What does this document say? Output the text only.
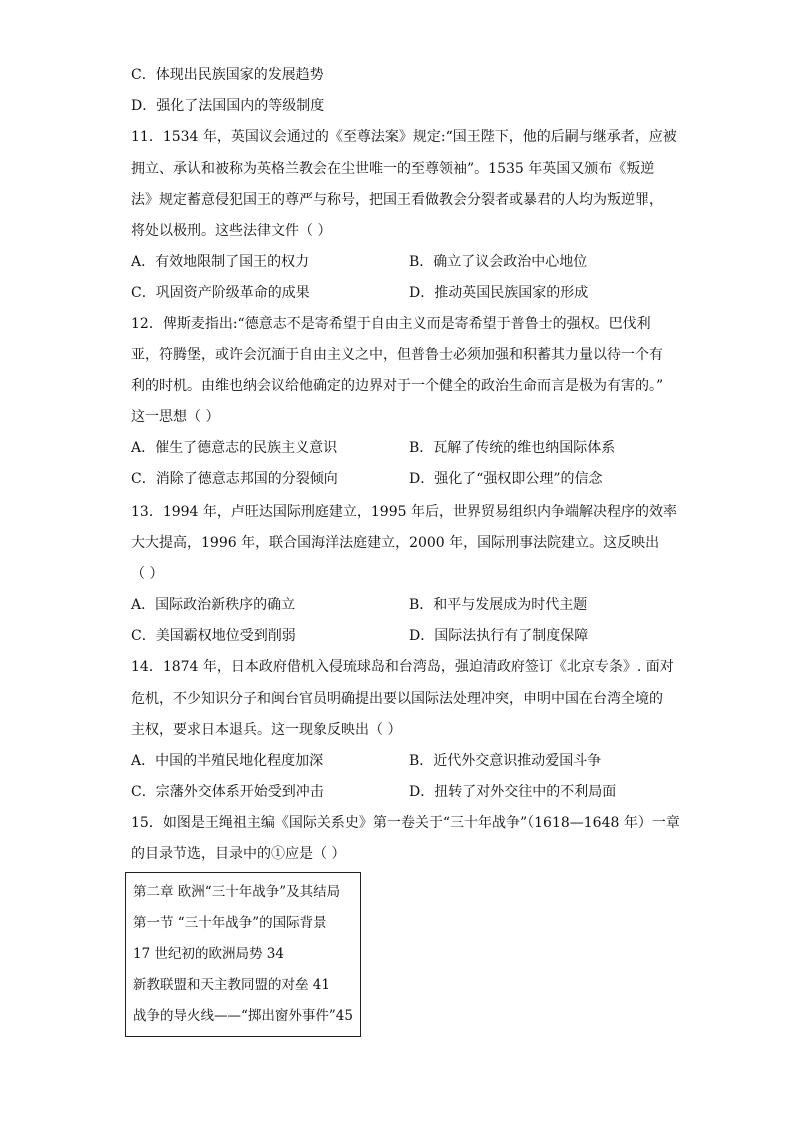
C．体现出民族国家的发展趋势
D．强化了法国国内的等级制度
11．1534 年，英国议会通过的《至尊法案》规定:“国王陛下，他的后嗣与继承者，应被
拥立、承认和被称为英格兰教会在尘世唯一的至尊领袖”。1535 年英国又颁布《叛逆
法》规定蓄意侵犯国王的尊严与称号，把国王看做教会分裂者或暴君的人均为叛逆罪，
将处以极刑。这些法律文件（ ）
A．有效地限制了国王的权力	B．确立了议会政治中心地位
C．巩固资产阶级革命的成果	D．推动英国民族国家的形成
12．俾斯麦指出:“德意志不是寄希望于自由主义而是寄希望于普鲁士的强权。巴伐利
亚，符腾堡，或许会沉湎于自由主义之中，但普鲁士必须加强和积蓄其力量以待一个有
利的时机。由维也纳会议给他确定的边界对于一个健全的政治生命而言是极为有害的。”
这一思想（ ）
A．催生了德意志的民族主义意识	B．瓦解了传统的维也纳国际体系
C．消除了德意志邦国的分裂倾向	D．强化了“强权即公理”的信念
13．1994 年，卢旺达国际刑庭建立，1995 年后，世界贸易组织内争端解决程序的效率
大大提高，1996 年，联合国海洋法庭建立，2000 年，国际刑事法院建立。这反映出
（ ）
A．国际政治新秩序的确立	B．和平与发展成为时代主题
C．美国霸权地位受到削弱	D．国际法执行有了制度保障
14．1874 年，日本政府借机入侵琉球岛和台湾岛，强迫清政府签订《北京专条》. 面对
危机，不少知识分子和闽台官员明确提出要以国际法处理冲突，申明中国在台湾全境的
主权，要求日本退兵。这一现象反映出（ ）
A．中国的半殖民地化程度加深	B．近代外交意识推动爱国斗争
C．宗藩外交体系开始受到冲击	D．扭转了对外交往中的不利局面
15．如图是王绳祖主编《国际关系史》第一卷关于“三十年战争”（1618—1648 年）一章
的目录节选，目录中的①应是（ ）
第二章 欧洲“三十年战争”及其结局
第一节 “三十年战争”的国际背景
17 世纪初的欧洲局势 34
新教联盟和天主教同盟的对垒 41
战争的导火线——“掷出窗外事件”45
